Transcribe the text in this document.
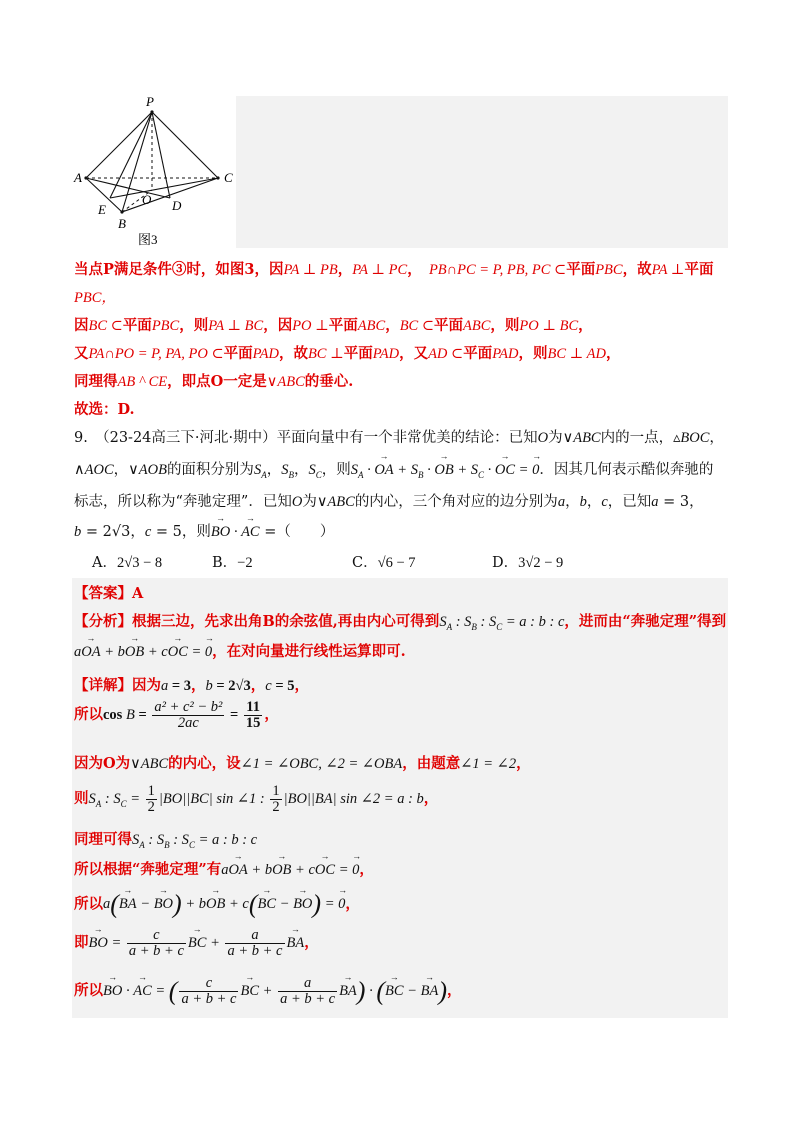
P
A	C
E
O D
B
图3
当点P满足条件③时，如图3，因PA ⊥ PB，PA ⊥ PC，　PB∩PC = P, PB, PC ⊂平面PBC，故PA ⊥平面
PBC，
因BC ⊂平面PBC，则PA ⊥ BC，因PO ⊥平面ABC，BC ⊂平面ABC，则PO ⊥ BC，
又PA∩PO = P, PA, PO ⊂平面PAD，故BC ⊥平面PAD，又AD ⊂平面PAD，则BC ⊥ AD，
同理得AB ^ CE，即点O一定是∨ABC的垂心.
故选：D.
9.　 （23-24高三下·河北·期中）平面向量中有一个非常优美的结论：已知O为∨ABC内的一点，▵BOC，
∧AOC，∨AOB的面积分别为$S_A$，$S_B$，$S_C$，则$S_A$ · → OA + $S_B$ · → OB + $S_C$ · → OC = → 0．因其几何表示酷似奔驰的
标志，所以称为“奔驰定理”．已知O为∨ABC的内心，三个角对应的边分别为a，b，c，已知a = 3，
b = 2√3，c = 5，则→ BO · → AC =（　　）
A．2√3 − 8	B．−2	C．√6 − 7	D．3√2 − 9
【答案】A
【分析】根据三边，先求出角B的余弦值,再由内心可得到$S_A$ : $S_B$ : $S_C = a$ : b : c，进而由“奔驰定理”得到
a→ OA + b→ OB + c→ OC = → 0，在对向量进行线性运算即可.
【详解】因为a = 3，b = 2√3，c = 5，
所以$\cos B = \frac{\text{a² + c² − b²}}{2ac} = \frac{11}{15}$ ，
因为O为∨ABC的内心，设∠1 = ∠OBC, ∠2 = ∠OBA，由题意∠1 = ∠2，
则$S_A$ : $S_C = \frac{1}{2} |BO||BC|$ sin ∠1 : $\frac{1}{2} |BO||BA|$ sin ∠2 = a : b，
同理可得$S_A$ : $S_B$ : $S_C = a$ : b : c
所以根据“奔驰定理”有a→ OA + b→ OB + c→ OC = → 0，
所以a(→ BA − → BO) + b→ OB + c(→ BC − → BO) = → 0，
即→ BO = $\frac{c}{a + b + c}$
→ BC + $\frac{a}{a + b + c}$
→ BA，
所以→ BO · → AC = ( $\frac{c}{a + b + c}$
→ BC + $\frac{a}{a + b + c}$
→ BA) · (→ BC − → BA)，
